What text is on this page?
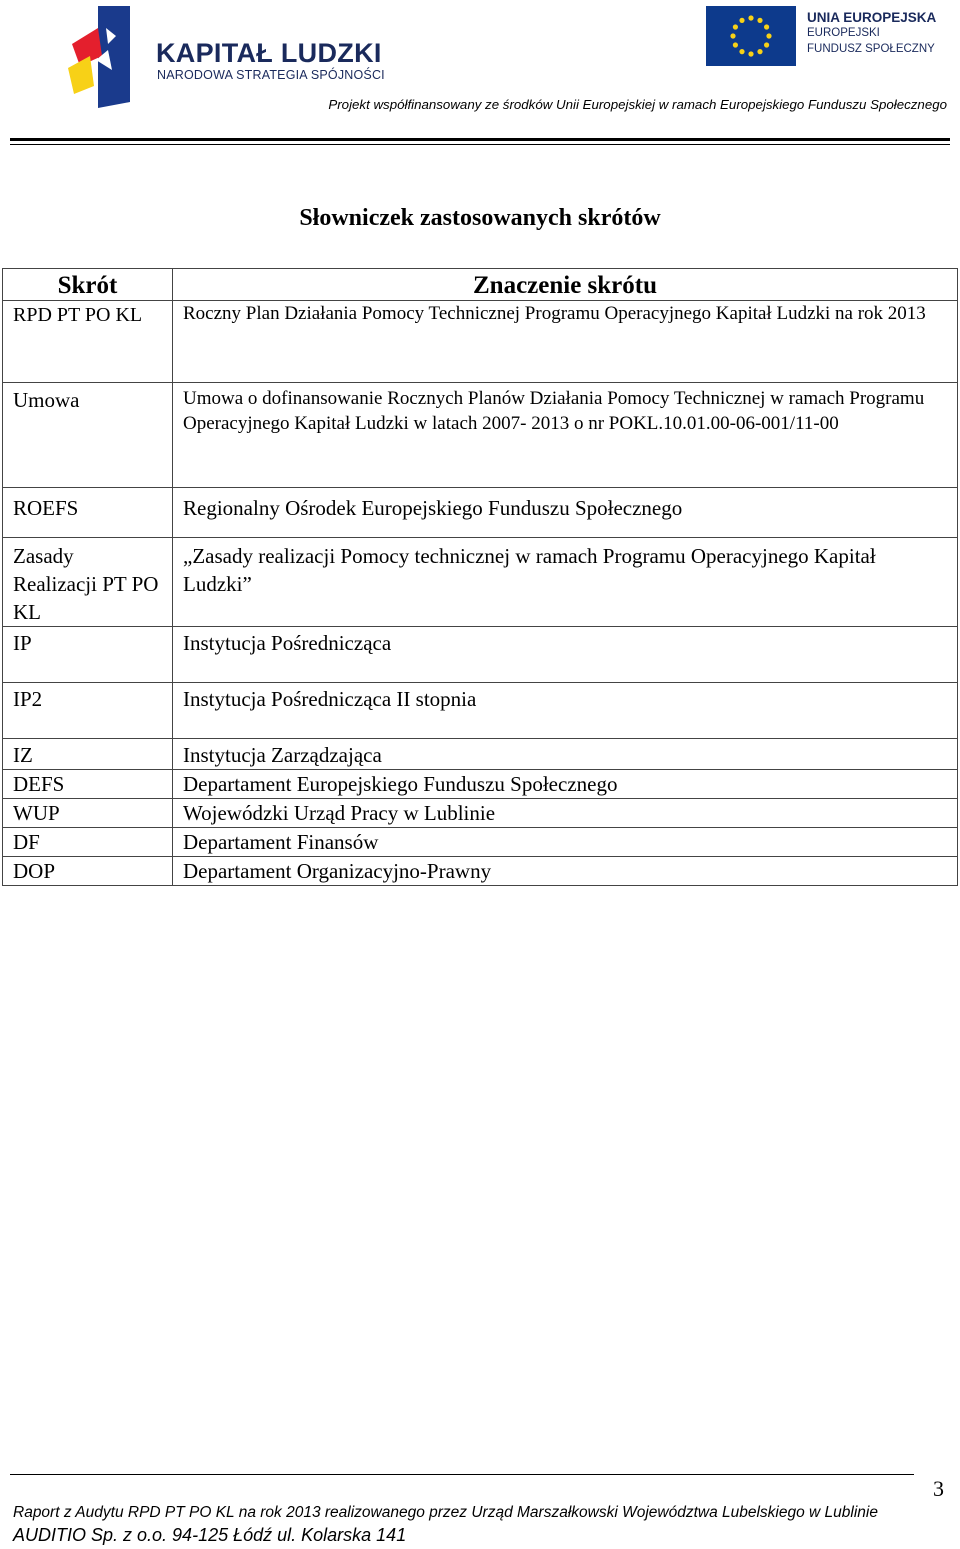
KAPITAŁ LUDZKI
NARODOWA STRATEGIA SPÓJNOŚCI
UNIA EUROPEJSKA
EUROPEJSKI
FUNDUSZ SPOŁECZNY
Projekt współfinansowany ze środków Unii Europejskiej w ramach Europejskiego Funduszu Społecznego
Słowniczek zastosowanych skrótów
Skrót	Znaczenie skrótu
RPD PT PO KL	Roczny Plan Działania Pomocy Technicznej Programu Operacyjnego Kapitał Ludzki na rok 2013
Umowa	Umowa o dofinansowanie Rocznych Planów Działania Pomocy Technicznej w ramach Programu Operacyjnego Kapitał Ludzki w latach 2007- 2013 o nr POKL.10.01.00-06-001/11-00
ROEFS	Regionalny Ośrodek Europejskiego Funduszu Społecznego
Zasady Realizacji PT PO KL	„Zasady realizacji Pomocy technicznej w ramach Programu Operacyjnego Kapitał Ludzki”
IP	Instytucja Pośrednicząca
IP2	Instytucja Pośrednicząca II stopnia
IZ	Instytucja Zarządzająca
DEFS	Departament Europejskiego Funduszu Społecznego
WUP	Wojewódzki Urząd Pracy w Lublinie
DF	Departament Finansów
DOP	Departament Organizacyjno-Prawny
3
Raport z Audytu RPD PT PO KL na rok 2013 realizowanego przez Urząd Marszałkowski Województwa Lubelskiego w Lublinie
AUDITIO Sp. z o.o. 94-125 Łódź ul. Kolarska 141
